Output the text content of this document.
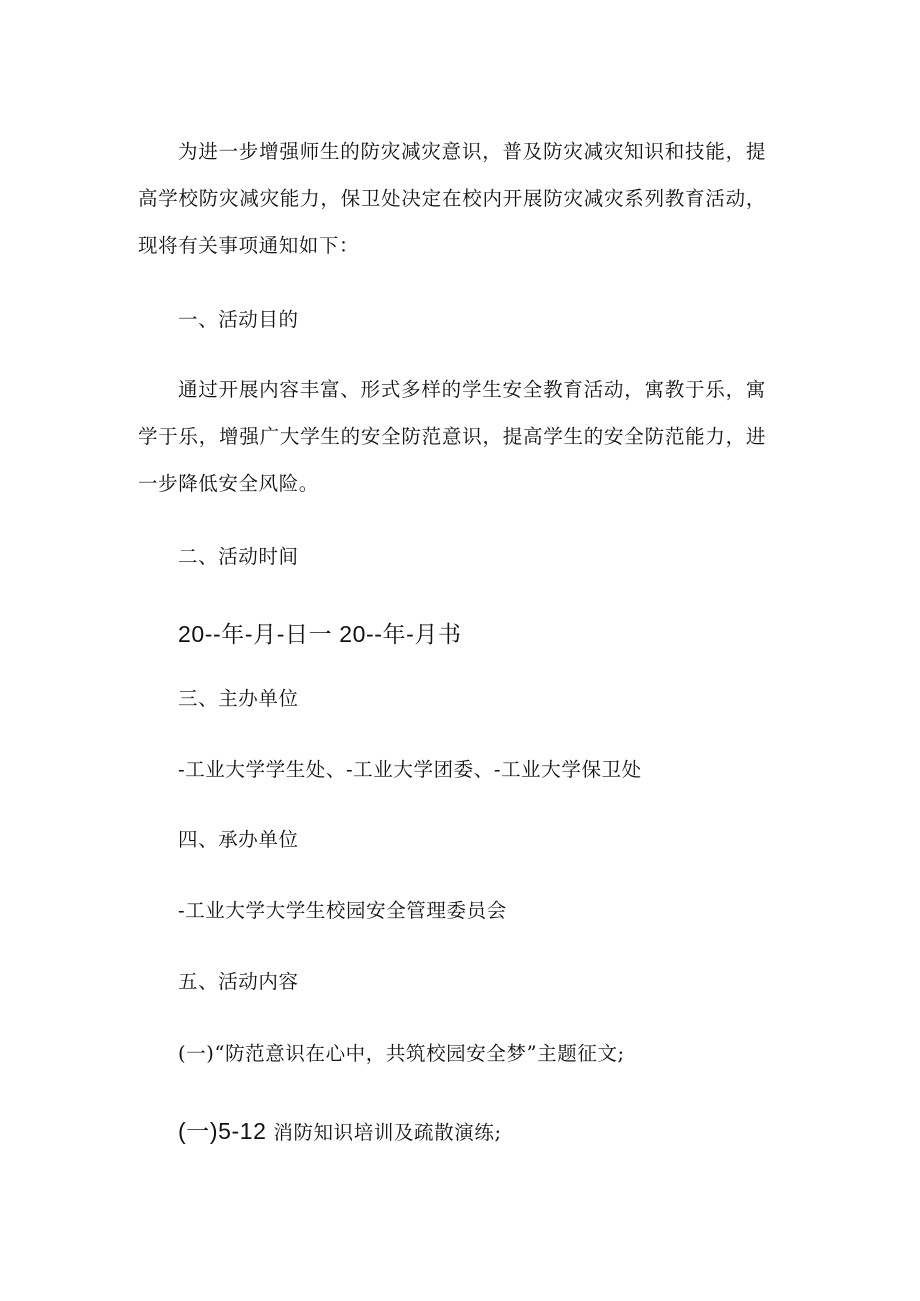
为进一步增强师生的防灾减灾意识，普及防灾减灾知识和技能，提高学校防灾减灾能力，保卫处决定在校内开展防灾减灾系列教育活动，现将有关事项通知如下：

一、活动目的

通过开展内容丰富、形式多样的学生安全教育活动，寓教于乐，寓学于乐，增强广大学生的安全防范意识，提高学生的安全防范能力，进一步降低安全风险。

二、活动时间

20--年-月-日一 20--年-月书

三、主办单位

-工业大学学生处、-工业大学团委、-工业大学保卫处

四、承办单位

-工业大学大学生校园安全管理委员会

五、活动内容

(一)“防范意识在心中，共筑校园安全梦”主题征文;

(一)5-12 消防知识培训及疏散演练;
